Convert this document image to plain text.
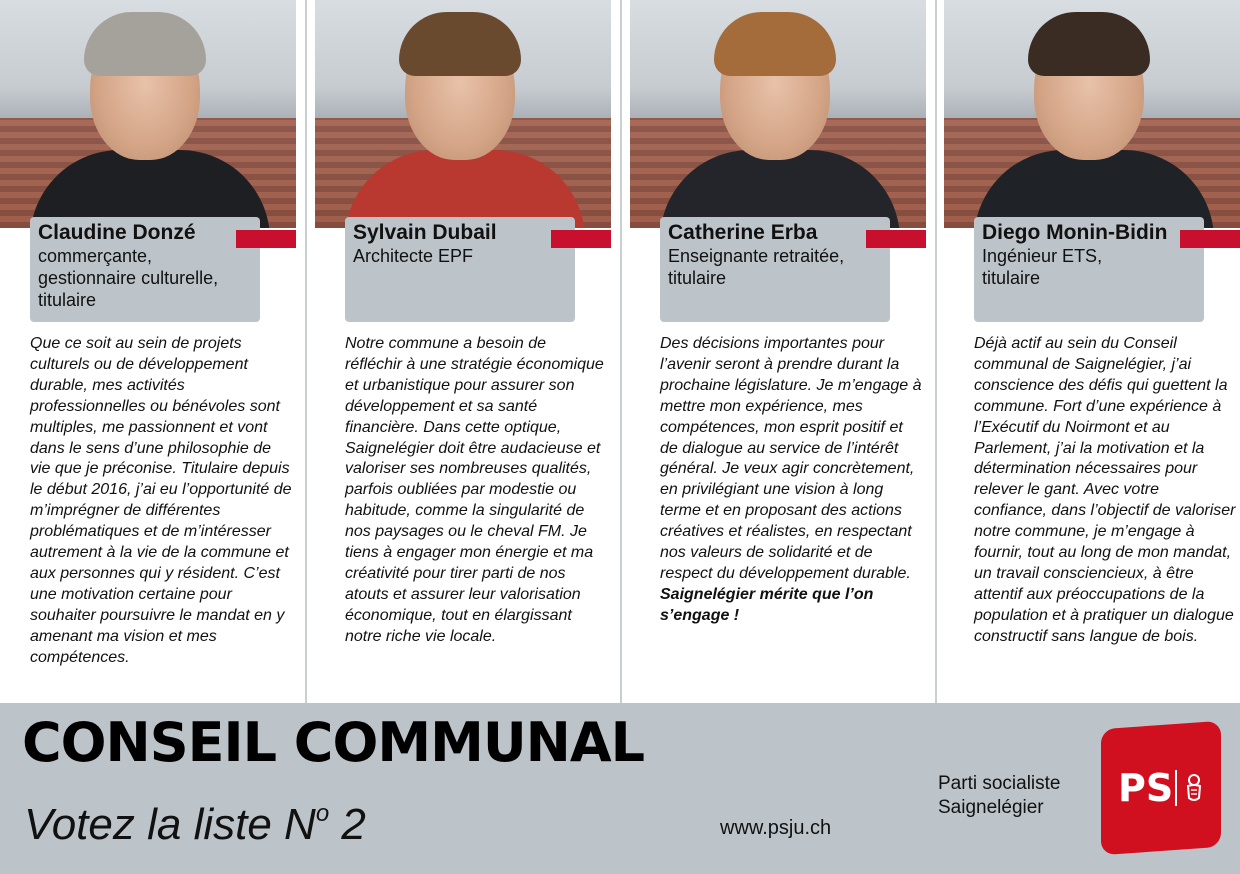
Claudine Donzé
commerçante,
gestionnaire culturelle,
titulaire
Que ce soit au sein de projets culturels ou de développement durable, mes activités professionnelles ou bénévoles sont multiples, me passionnent et vont dans le sens d’une philosophie de vie que je préconise. Titulaire depuis le début 2016, j’ai eu l’opportunité de m’imprégner de différentes problématiques et de m’intéresser autrement à la vie de la commune et aux personnes qui y résident. C’est une motivation certaine pour souhaiter poursuivre le mandat en y amenant ma vision et mes compétences.
Sylvain Dubail
Architecte EPF
Notre commune a besoin de réfléchir à une stratégie économique et urbanistique pour assurer son développement et sa santé financière. Dans cette optique, Saignelégier doit être audacieuse et valoriser ses nombreuses qualités, parfois oubliées par modestie ou habitude, comme la singularité de nos paysages ou le cheval FM. Je tiens à engager mon énergie et ma créativité pour tirer parti de nos atouts et assurer leur valorisation économique, tout en élargissant notre riche vie locale.
Catherine Erba
Enseignante retraitée,
titulaire
Des décisions importantes pour l’avenir seront à prendre durant la prochaine législature. Je m’engage à mettre mon expérience, mes compétences, mon esprit positif et de dialogue au service de l’intérêt général. Je veux agir concrètement, en privilégiant une vision à long terme et en proposant des actions créatives et réalistes, en respectant nos valeurs de solidarité et de respect du développement durable. Saignelégier mérite que l’on s’engage !
Diego Monin-Bidin
Ingénieur ETS,
titulaire
Déjà actif au sein du Conseil communal de Saignelégier, j’ai conscience des défis qui guettent la commune. Fort d’une expérience à l’Exécutif du Noirmont et au Parlement, j’ai la motivation et la détermination nécessaires pour relever le gant. Avec votre confiance, dans l’objectif de valoriser notre commune, je m’engage à fournir, tout au long de mon mandat, un travail consciencieux, à être attentif aux préoccupations de la population et à pratiquer un dialogue constructif sans langue de bois.
CONSEIL COMMUNAL
Votez la liste $N^o$ 2	www.psju.ch
Parti socialiste
Saignelégier	PS
